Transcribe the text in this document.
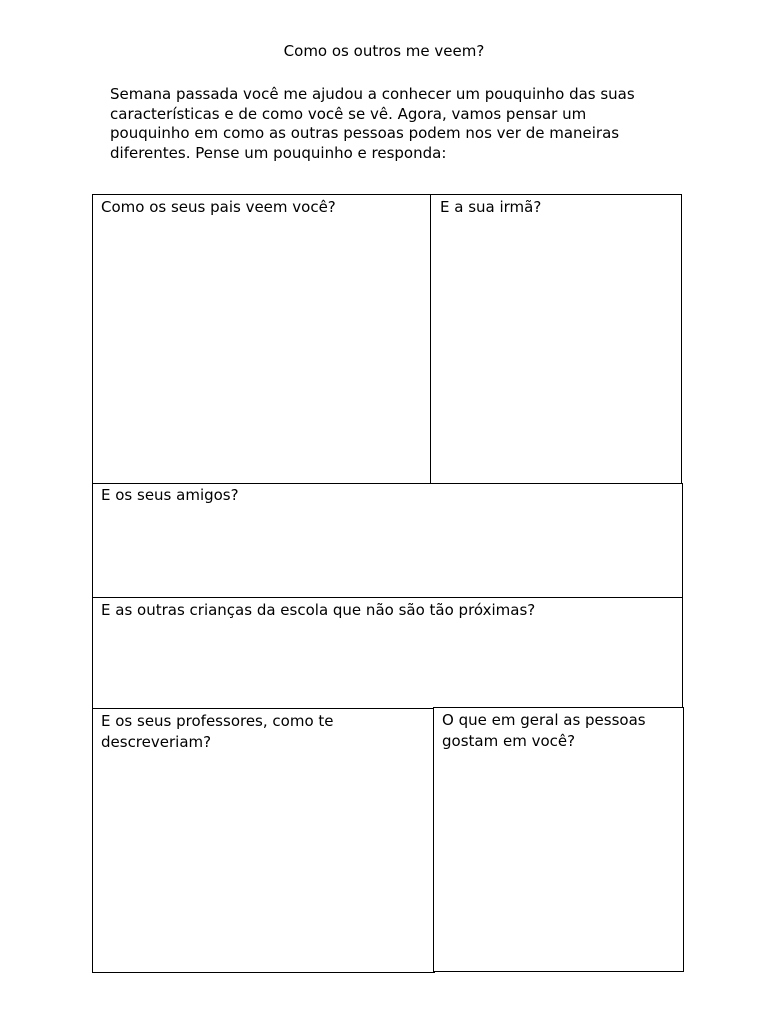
Como os outros me veem?
Semana passada você me ajudou a conhecer um pouquinho das suas características e de como você se vê. Agora, vamos pensar um pouquinho em como as outras pessoas podem nos ver de maneiras diferentes. Pense um pouquinho e responda:

Como os seus pais veem você?	E a sua irmã?

E os seus amigos?

E as outras crianças da escola que não são tão próximas?

E os seus professores, como te descreveriam?

O que em geral as pessoas gostam em você?
